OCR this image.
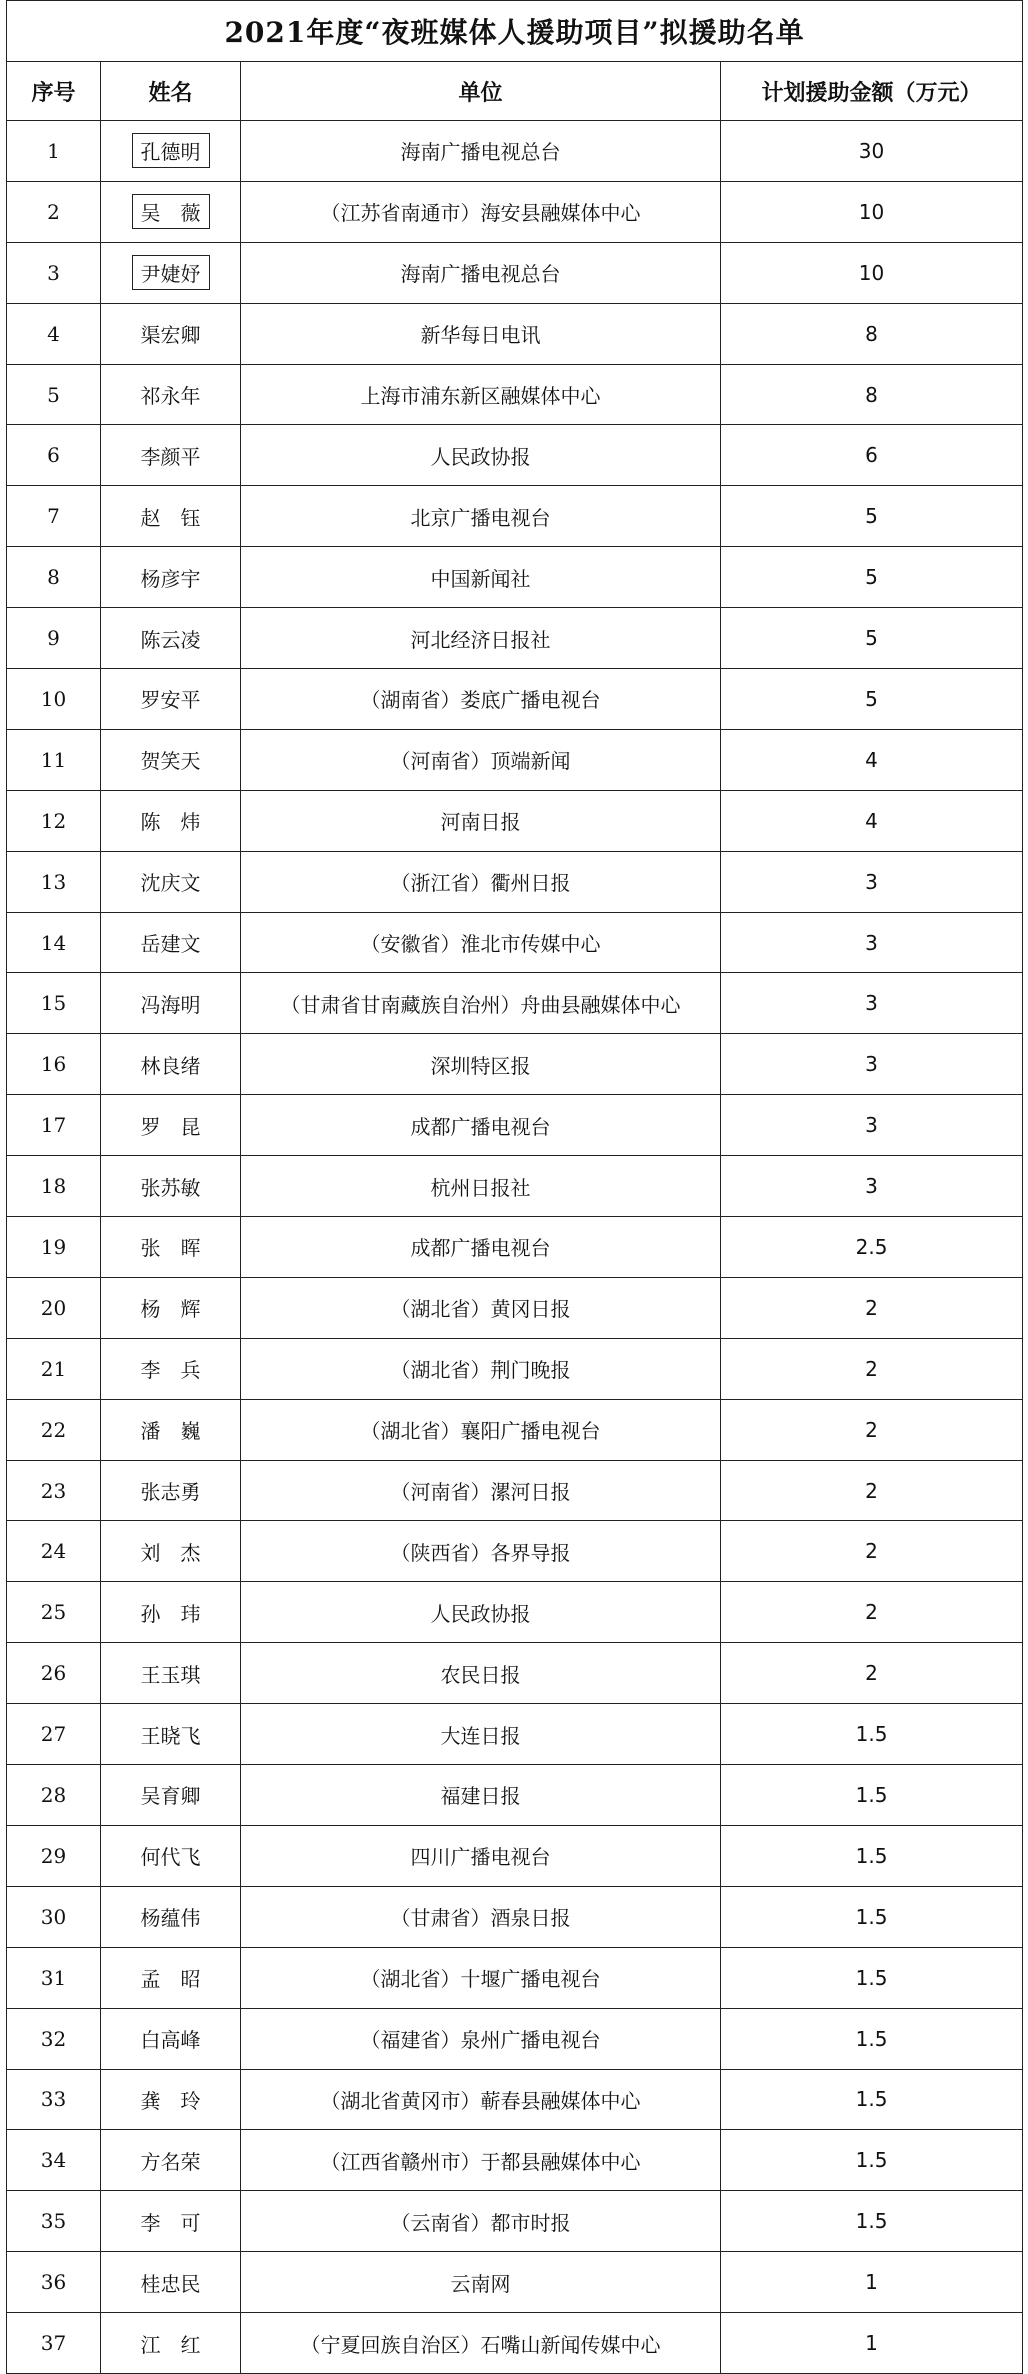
2021年度“夜班媒体人援助项目”拟援助名单			
序号	姓名	单位	计划援助金额（万元）
1	孔德明	海南广播电视总台	30
2	吴　薇	（江苏省南通市）海安县融媒体中心	10
3	尹婕妤	海南广播电视总台	10
4	渠宏卿	新华每日电讯	8
5	祁永年	上海市浦东新区融媒体中心	8
6	李颜平	人民政协报	6
7	赵　钰	北京广播电视台	5
8	杨彦宇	中国新闻社	5
9	陈云凌	河北经济日报社	5
10	罗安平	（湖南省）娄底广播电视台	5
11	贺笑天	（河南省）顶端新闻	4
12	陈　炜	河南日报	4
13	沈庆文	（浙江省）衢州日报	3
14	岳建文	（安徽省）淮北市传媒中心	3
15	冯海明	（甘肃省甘南藏族自治州）舟曲县融媒体中心	3
16	林良绪	深圳特区报	3
17	罗　昆	成都广播电视台	3
18	张苏敏	杭州日报社	3
19	张　晖	成都广播电视台	2.5
20	杨　辉	（湖北省）黄冈日报	2
21	李　兵	（湖北省）荆门晚报	2
22	潘　巍	（湖北省）襄阳广播电视台	2
23	张志勇	（河南省）漯河日报	2
24	刘　杰	（陕西省）各界导报	2
25	孙　玮	人民政协报	2
26	王玉琪	农民日报	2
27	王晓飞	大连日报	1.5
28	吴育卿	福建日报	1.5
29	何代飞	四川广播电视台	1.5
30	杨蕴伟	（甘肃省）酒泉日报	1.5
31	孟　昭	（湖北省）十堰广播电视台	1.5
32	白高峰	（福建省）泉州广播电视台	1.5
33	龚　玲	（湖北省黄冈市）蕲春县融媒体中心	1.5
34	方名荣	（江西省赣州市）于都县融媒体中心	1.5
35	李　可	（云南省）都市时报	1.5
36	桂忠民	云南网	1
37	江　红	（宁夏回族自治区）石嘴山新闻传媒中心	1
